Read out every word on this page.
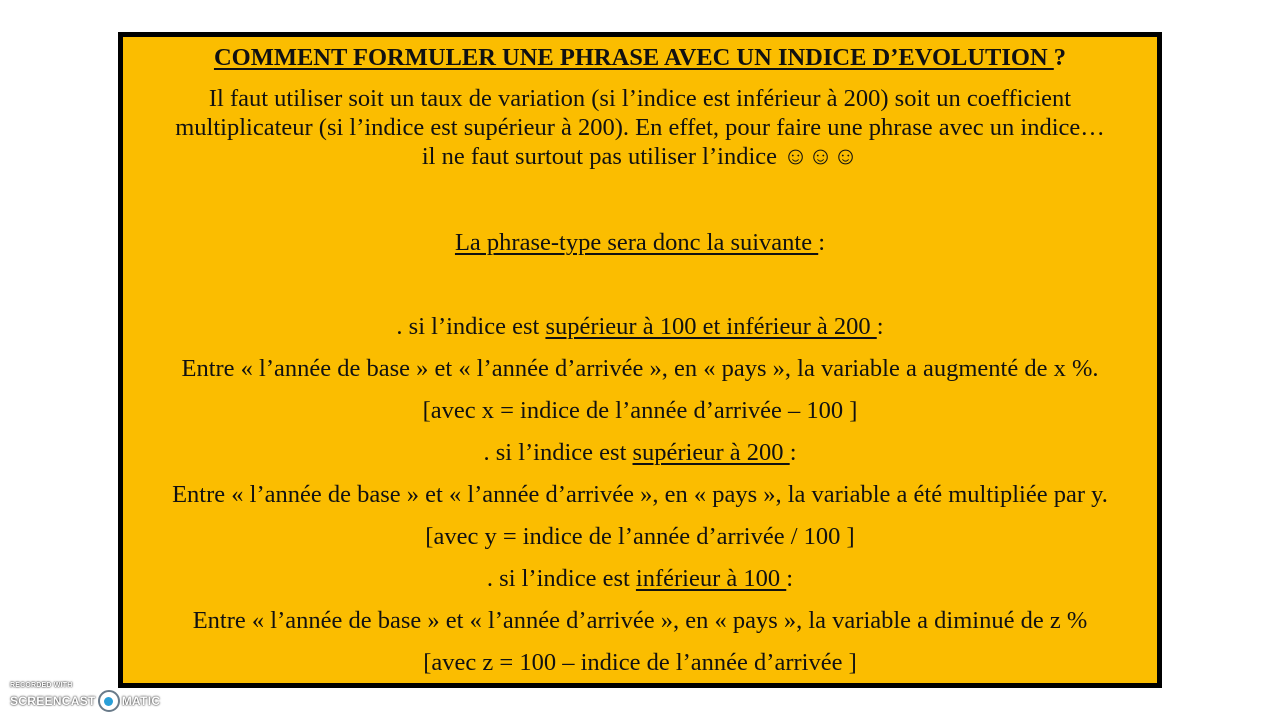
COMMENT FORMULER UNE PHRASE AVEC UN INDICE D’EVOLUTION ?
Il faut utiliser soit un taux de variation (si l’indice est inférieur à 200) soit un coefficient
multiplicateur (si l’indice est supérieur à 200). En effet, pour faire une phrase avec un indice…
il ne faut surtout pas utiliser l’indice ☺☺☺
La phrase-type sera donc la suivante :
. si l’indice est supérieur à 100 et inférieur à 200 :
Entre « l’année de base » et « l’année d’arrivée », en « pays », la variable a augmenté de x %.
[avec x = indice de l’année d’arrivée – 100 ]
. si l’indice est supérieur à 200 :
Entre « l’année de base » et « l’année d’arrivée », en « pays », la variable a été multipliée par y.
[avec y = indice de l’année d’arrivée / 100 ]
. si l’indice est inférieur à 100 :
Entre « l’année de base » et « l’année d’arrivée », en « pays », la variable a diminué de z %
[avec z = 100 – indice de l’année d’arrivée ]
RECORDED WITH
SCREENCAST MATIC
